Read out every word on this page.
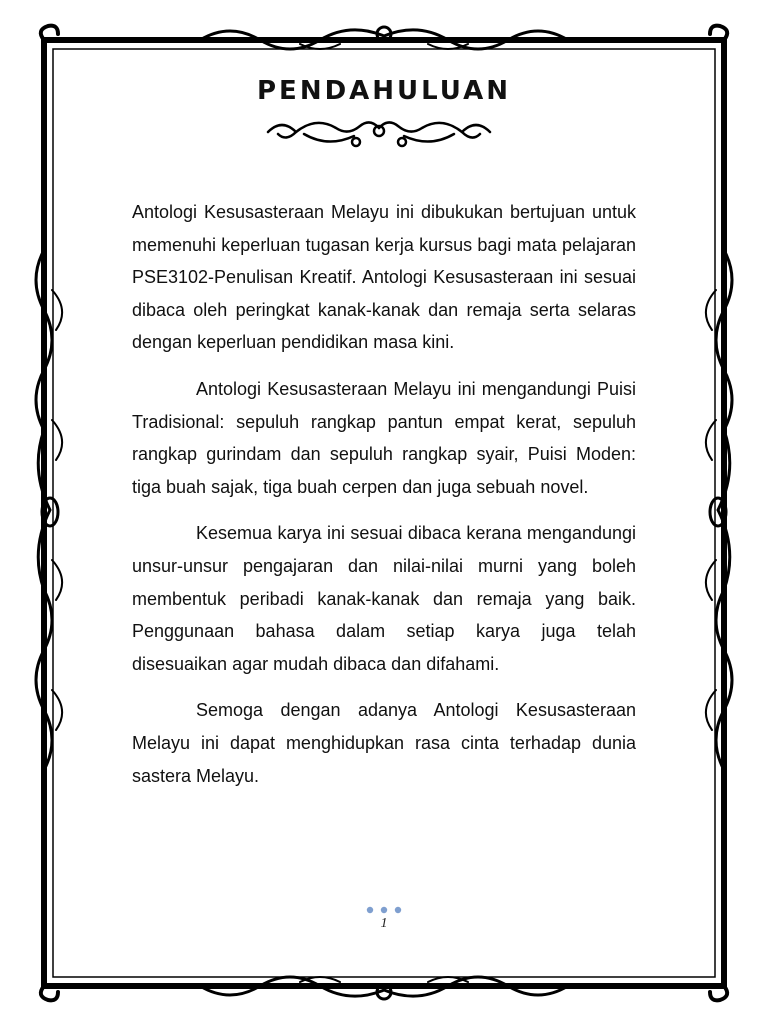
PENDAHULUAN

Antologi Kesusasteraan Melayu ini dibukukan bertujuan untuk memenuhi keperluan tugasan kerja kursus bagi mata pelajaran PSE3102-Penulisan Kreatif. Antologi Kesusasteraan ini sesuai dibaca oleh peringkat kanak-kanak dan remaja serta selaras dengan keperluan pendidikan masa kini.

Antologi Kesusasteraan Melayu ini mengandungi Puisi Tradisional: sepuluh rangkap pantun empat kerat, sepuluh rangkap gurindam dan sepuluh rangkap syair, Puisi Moden: tiga buah sajak, tiga buah cerpen dan juga sebuah novel.

Kesemua karya ini sesuai dibaca kerana mengandungi unsur-unsur pengajaran dan nilai-nilai murni yang boleh membentuk peribadi kanak-kanak dan remaja yang baik. Penggunaan bahasa dalam setiap karya juga telah disesuaikan agar mudah dibaca dan difahami.

Semoga dengan adanya Antologi Kesusasteraan Melayu ini dapat menghidupkan rasa cinta terhadap dunia sastera Melayu.

1
